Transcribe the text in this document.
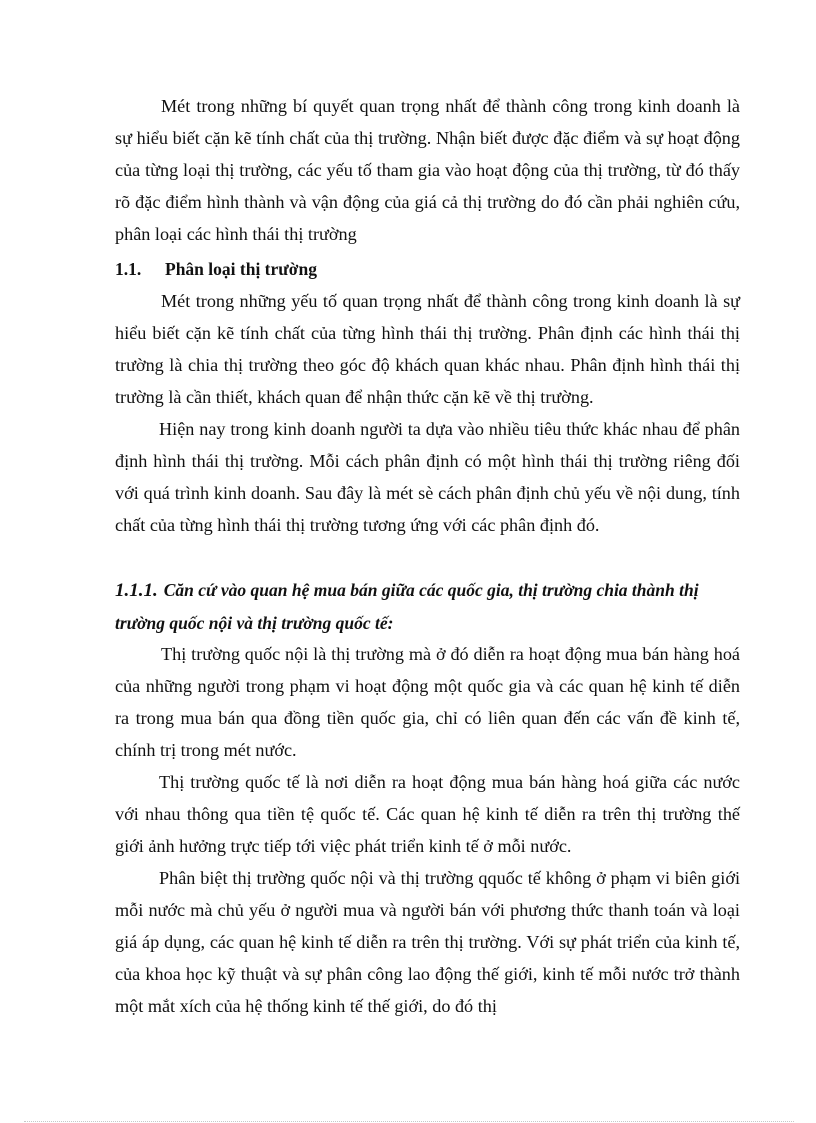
Mét trong những bí quyết quan trọng nhất để thành công trong kinh doanh là sự hiểu biết cặn kẽ tính chất của thị trường. Nhận biết được đặc điểm và sự hoạt động của từng loại thị trường, các yếu tố tham gia vào hoạt động của thị trường, từ đó thấy rõ đặc điểm hình thành và vận động của giá cả thị trường do đó cần phải nghiên cứu, phân loại các hình thái thị trường

1.1. Phân loại thị trường

Mét trong những yếu tố quan trọng nhất để thành công trong kinh doanh là sự hiểu biết cặn kẽ tính chất của từng hình thái thị trường. Phân định các hình thái thị trường là chia thị trường theo góc độ khách quan khác nhau. Phân định hình thái thị trường là cần thiết, khách quan để nhận thức cặn kẽ về thị trường.

Hiện nay trong kinh doanh người ta dựa vào nhiều tiêu thức khác nhau để phân định hình thái thị trường. Mỗi cách phân định có một hình thái thị trường riêng đối với quá trình kinh doanh. Sau đây là mét sè cách phân định chủ yếu về nội dung, tính chất của từng hình thái thị trường tương ứng với các phân định đó.

1.1.1. Căn cứ vào quan hệ mua bán giữa các quốc gia, thị trường chia thành thị trường quốc nội và thị trường quốc tế:

Thị trường quốc nội là thị trường mà ở đó diễn ra hoạt động mua bán hàng hoá của những người trong phạm vi hoạt động một quốc gia và các quan hệ kinh tế diễn ra trong mua bán qua đồng tiền quốc gia, chỉ có liên quan đến các vấn đề kinh tế, chính trị trong mét nước.

Thị trường quốc tế là nơi diễn ra hoạt động mua bán hàng hoá giữa các nước với nhau thông qua tiền tệ quốc tế. Các quan hệ kinh tế diễn ra trên thị trường thế giới ảnh hưởng trực tiếp tới việc phát triển kinh tế ở mỗi nước.

Phân biệt thị trường quốc nội và thị trường qquốc tế không ở phạm vi biên giới mỗi nước mà chủ yếu ở người mua và người bán với phương thức thanh toán và loại giá áp dụng, các quan hệ kinh tế diễn ra trên thị trường. Với sự phát triển của kinh tế, của khoa học kỹ thuật và sự phân công lao động thế giới, kinh tế mỗi nước trở thành một mắt xích của hệ thống kinh tế thế giới, do đó thị
